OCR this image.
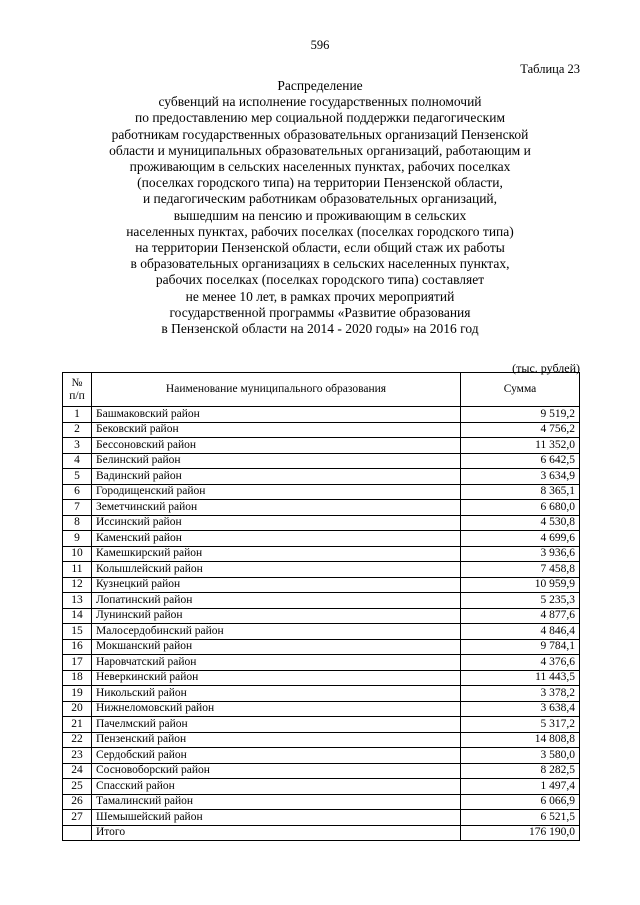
596
Таблица 23
Распределение
субвенций на исполнение государственных полномочий
по предоставлению мер социальной поддержки педагогическим
работникам государственных образовательных организаций Пензенской
области и муниципальных образовательных организаций, работающим и
проживающим в сельских населенных пунктах, рабочих поселках
(поселках городского типа) на территории Пензенской области,
и педагогическим работникам образовательных организаций,
вышедшим на пенсию и проживающим в сельских
населенных пунктах, рабочих поселках (поселках городского типа)
на территории Пензенской области, если общий стаж их работы
в образовательных организациях в сельских населенных пунктах,
рабочих поселках (поселках городского типа) составляет
не менее 10 лет, в рамках прочих мероприятий
государственной программы «Развитие образования
в Пензенской области на 2014 - 2020 годы» на 2016 год
(тыс. рублей)
№
п/п	Наименование муниципального образования	Сумма
1	Башмаковский район	9 519,2
2	Бековский район	4 756,2
3	Бессоновский район	11 352,0
4	Белинский район	6 642,5
5	Вадинский район	3 634,9
6	Городищенский район	8 365,1
7	Земетчинский район	6 680,0
8	Иссинский район	4 530,8
9	Каменский район	4 699,6
10	Камешкирский район	3 936,6
11	Колышлейский район	7 458,8
12	Кузнецкий район	10 959,9
13	Лопатинский район	5 235,3
14	Лунинский район	4 877,6
15	Малосердобинский район	4 846,4
16	Мокшанский район	9 784,1
17	Наровчатский район	4 376,6
18	Неверкинский район	11 443,5
19	Никольский район	3 378,2
20	Нижнеломовский район	3 638,4
21	Пачелмский район	5 317,2
22	Пензенский район	14 808,8
23	Сердобский район	3 580,0
24	Сосновоборский район	8 282,5
25	Спасский район	1 497,4
26	Тамалинский район	6 066,9
27	Шемышейский район	6 521,5
	Итого	176 190,0
